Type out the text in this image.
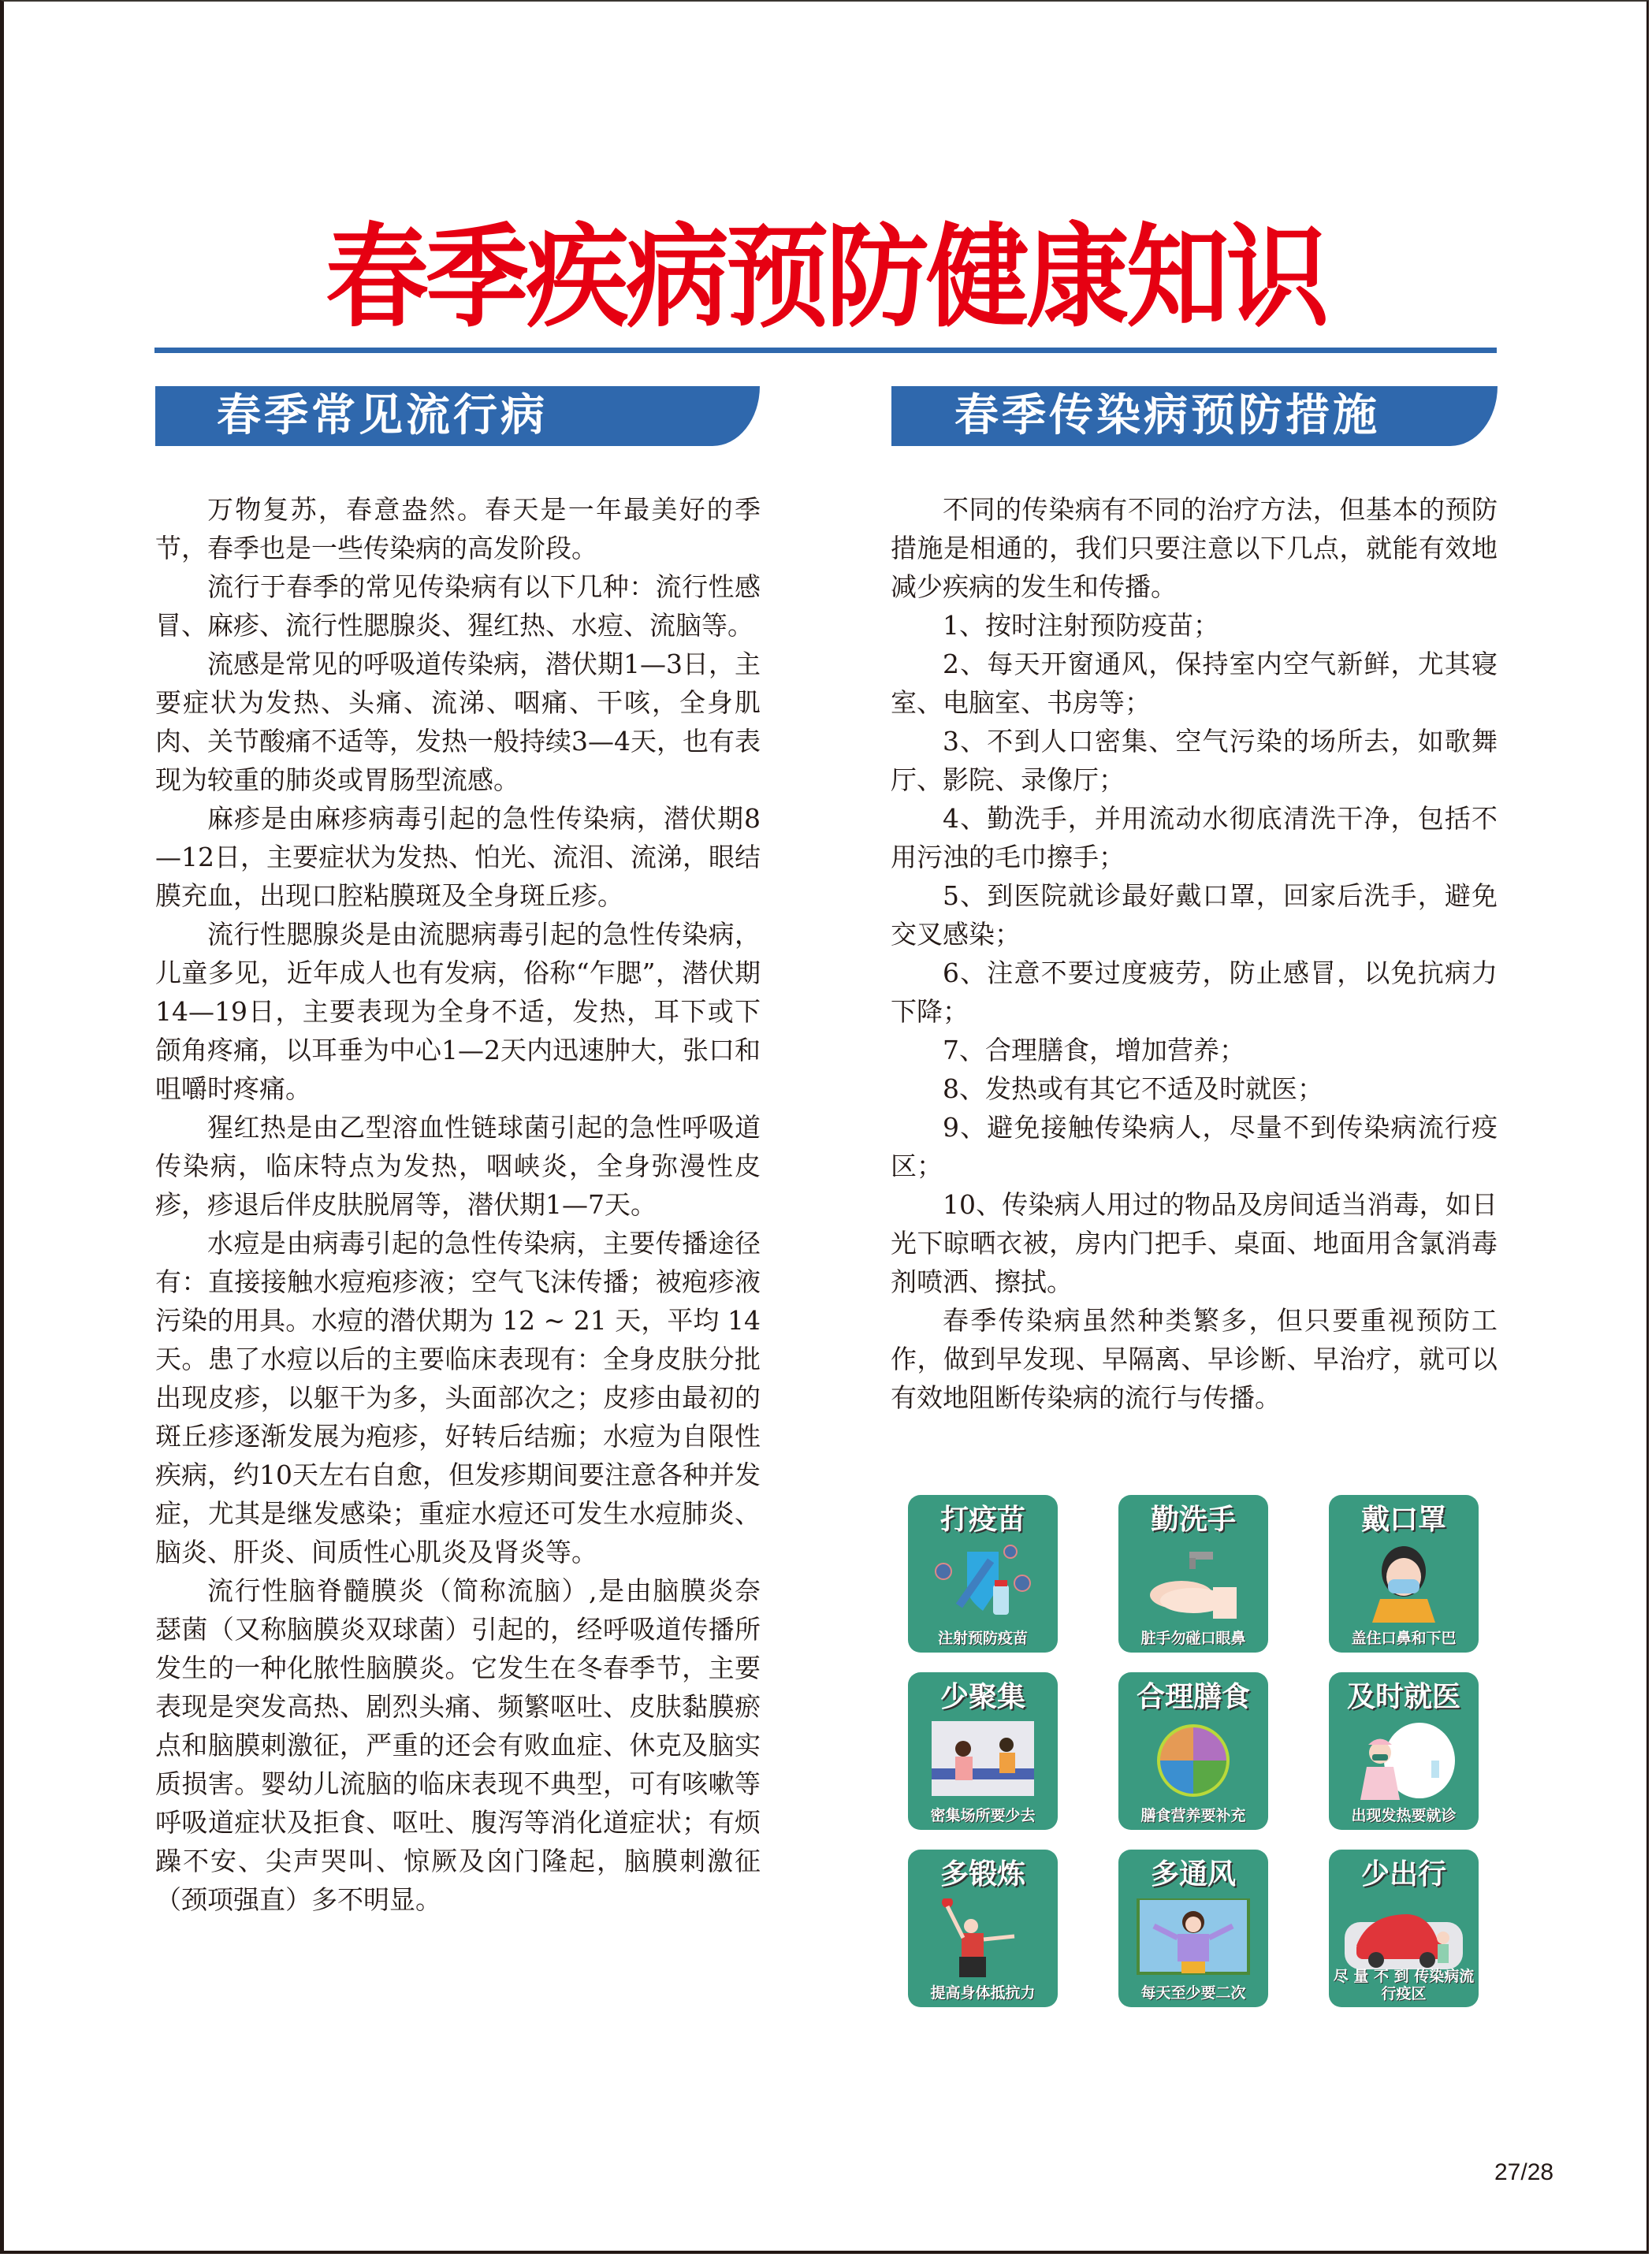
春季疾病预防健康知识
春季常见流行病	春季传染病预防措施

万物复苏，春意盎然。春天是一年最美好的季节，春季也是一些传染病的高发阶段。

流行于春季的常见传染病有以下几种：流行性感冒、麻疹、流行性腮腺炎、猩红热、水痘、流脑等。

流感是常见的呼吸道传染病，潜伏期1—3日，主要症状为发热、头痛、流涕、咽痛、干咳，全身肌肉、关节酸痛不适等，发热一般持续3—4天，也有表现为较重的肺炎或胃肠型流感。

麻疹是由麻疹病毒引起的急性传染病，潜伏期8—12日，主要症状为发热、怕光、流泪、流涕，眼结膜充血，出现口腔粘膜斑及全身斑丘疹。

流行性腮腺炎是由流腮病毒引起的急性传染病，儿童多见，近年成人也有发病，俗称“乍腮”，潜伏期14—19日，主要表现为全身不适，发热，耳下或下颌角疼痛，以耳垂为中心1—2天内迅速肿大，张口和咀嚼时疼痛。

猩红热是由乙型溶血性链球菌引起的急性呼吸道传染病，临床特点为发热，咽峡炎，全身弥漫性皮疹，疹退后伴皮肤脱屑等，潜伏期1—7天。

水痘是由病毒引起的急性传染病，主要传播途径有：直接接触水痘疱疹液；空气飞沫传播；被疱疹液污染的用具。水痘的潜伏期为 12 ~ 21 天，平均 14 天。患了水痘以后的主要临床表现有：全身皮肤分批出现皮疹，以躯干为多，头面部次之；皮疹由最初的斑丘疹逐渐发展为疱疹，好转后结痂；水痘为自限性疾病，约10天左右自愈，但发疹期间要注意各种并发症，尤其是继发感染；重症水痘还可发生水痘肺炎、脑炎、肝炎、间质性心肌炎及肾炎等。

流行性脑脊髓膜炎（简称流脑）,是由脑膜炎奈瑟菌（又称脑膜炎双球菌）引起的，经呼吸道传播所发生的一种化脓性脑膜炎。它发生在冬春季节，主要表现是突发高热、剧烈头痛、频繁呕吐、皮肤黏膜瘀点和脑膜刺激征，严重的还会有败血症、休克及脑实质损害。婴幼儿流脑的临床表现不典型，可有咳嗽等呼吸道症状及拒食、呕吐、腹泻等消化道症状；有烦躁不安、尖声哭叫、惊厥及囟门隆起，脑膜刺激征（颈项强直）多不明显。

不同的传染病有不同的治疗方法，但基本的预防措施是相通的，我们只要注意以下几点，就能有效地减少疾病的发生和传播。

1、按时注射预防疫苗；

2、每天开窗通风，保持室内空气新鲜，尤其寝室、电脑室、书房等；

3、不到人口密集、空气污染的场所去，如歌舞厅、影院、录像厅；

4、勤洗手，并用流动水彻底清洗干净，包括不用污浊的毛巾擦手；

5、到医院就诊最好戴口罩，回家后洗手，避免交叉感染；

6、注意不要过度疲劳，防止感冒，以免抗病力下降；

7、合理膳食，增加营养；

8、发热或有其它不适及时就医；

9、避免接触传染病人，尽量不到传染病流行疫区；

10、传染病人用过的物品及房间适当消毒，如日光下晾晒衣被，房内门把手、桌面、地面用含氯消毒剂喷洒、擦拭。

春季传染病虽然种类繁多，但只要重视预防工作，做到早发现、早隔离、早诊断、早治疗，就可以有效地阻断传染病的流行与传播。

打疫苗
注射预防疫苗
勤洗手
脏手勿碰口眼鼻
戴口罩
盖住口鼻和下巴
少聚集
密集场所要少去
合理膳食
膳食营养要补充
及时就医
出现发热要就诊
多锻炼
提高身体抵抗力
多通风
每天至少要二次
少出行
尽 量 不 到 传染病流行疫区
27/28
